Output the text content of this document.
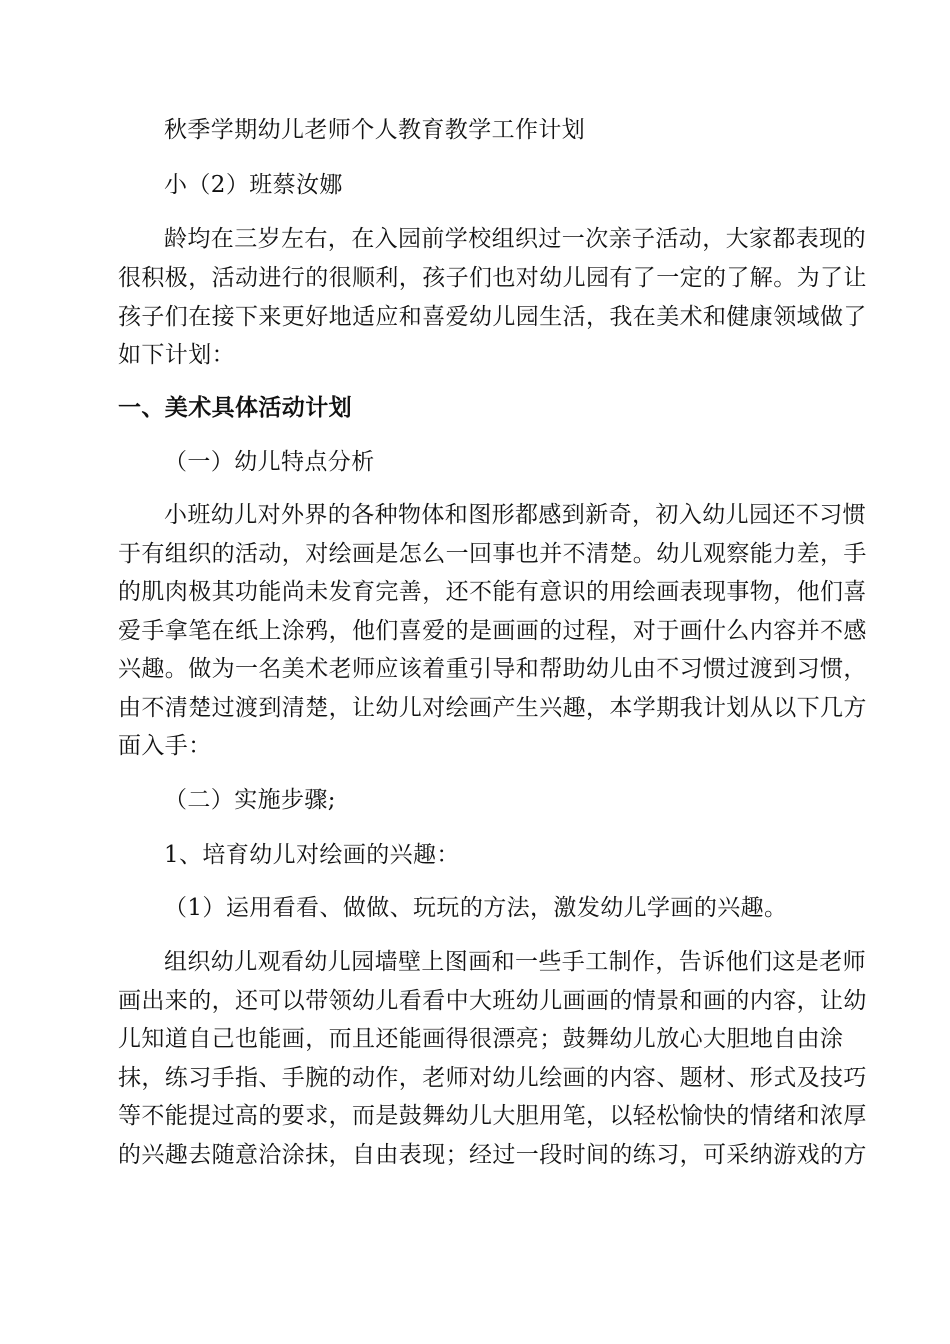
秋季学期幼儿老师个人教育教学工作计划
小（2）班蔡汝娜
龄均在三岁左右，在入园前学校组织过一次亲子活动，大家都表现的
很积极，活动进行的很顺利，孩子们也对幼儿园有了一定的了解。为了让
孩子们在接下来更好地适应和喜爱幼儿园生活，我在美术和健康领域做了
如下计划：
一、美术具体活动计划
（一）幼儿特点分析
小班幼儿对外界的各种物体和图形都感到新奇，初入幼儿园还不习惯
于有组织的活动，对绘画是怎么一回事也并不清楚。幼儿观察能力差，手
的肌肉极其功能尚未发育完善，还不能有意识的用绘画表现事物，他们喜
爱手拿笔在纸上涂鸦，他们喜爱的是画画的过程，对于画什么内容并不感
兴趣。做为一名美术老师应该着重引导和帮助幼儿由不习惯过渡到习惯，
由不清楚过渡到清楚，让幼儿对绘画产生兴趣，本学期我计划从以下几方
面入手：
（二）实施步骤;
1、培育幼儿对绘画的兴趣：
（1）运用看看、做做、玩玩的方法，激发幼儿学画的兴趣。
组织幼儿观看幼儿园墙壁上图画和一些手工制作，告诉他们这是老师
画出来的，还可以带领幼儿看看中大班幼儿画画的情景和画的内容，让幼
儿知道自己也能画，而且还能画得很漂亮；鼓舞幼儿放心大胆地自由涂
抹，练习手指、手腕的动作，老师对幼儿绘画的内容、题材、形式及技巧
等不能提过高的要求，而是鼓舞幼儿大胆用笔，以轻松愉快的情绪和浓厚
的兴趣去随意洽涂抹，自由表现；经过一段时间的练习，可采纳游戏的方
